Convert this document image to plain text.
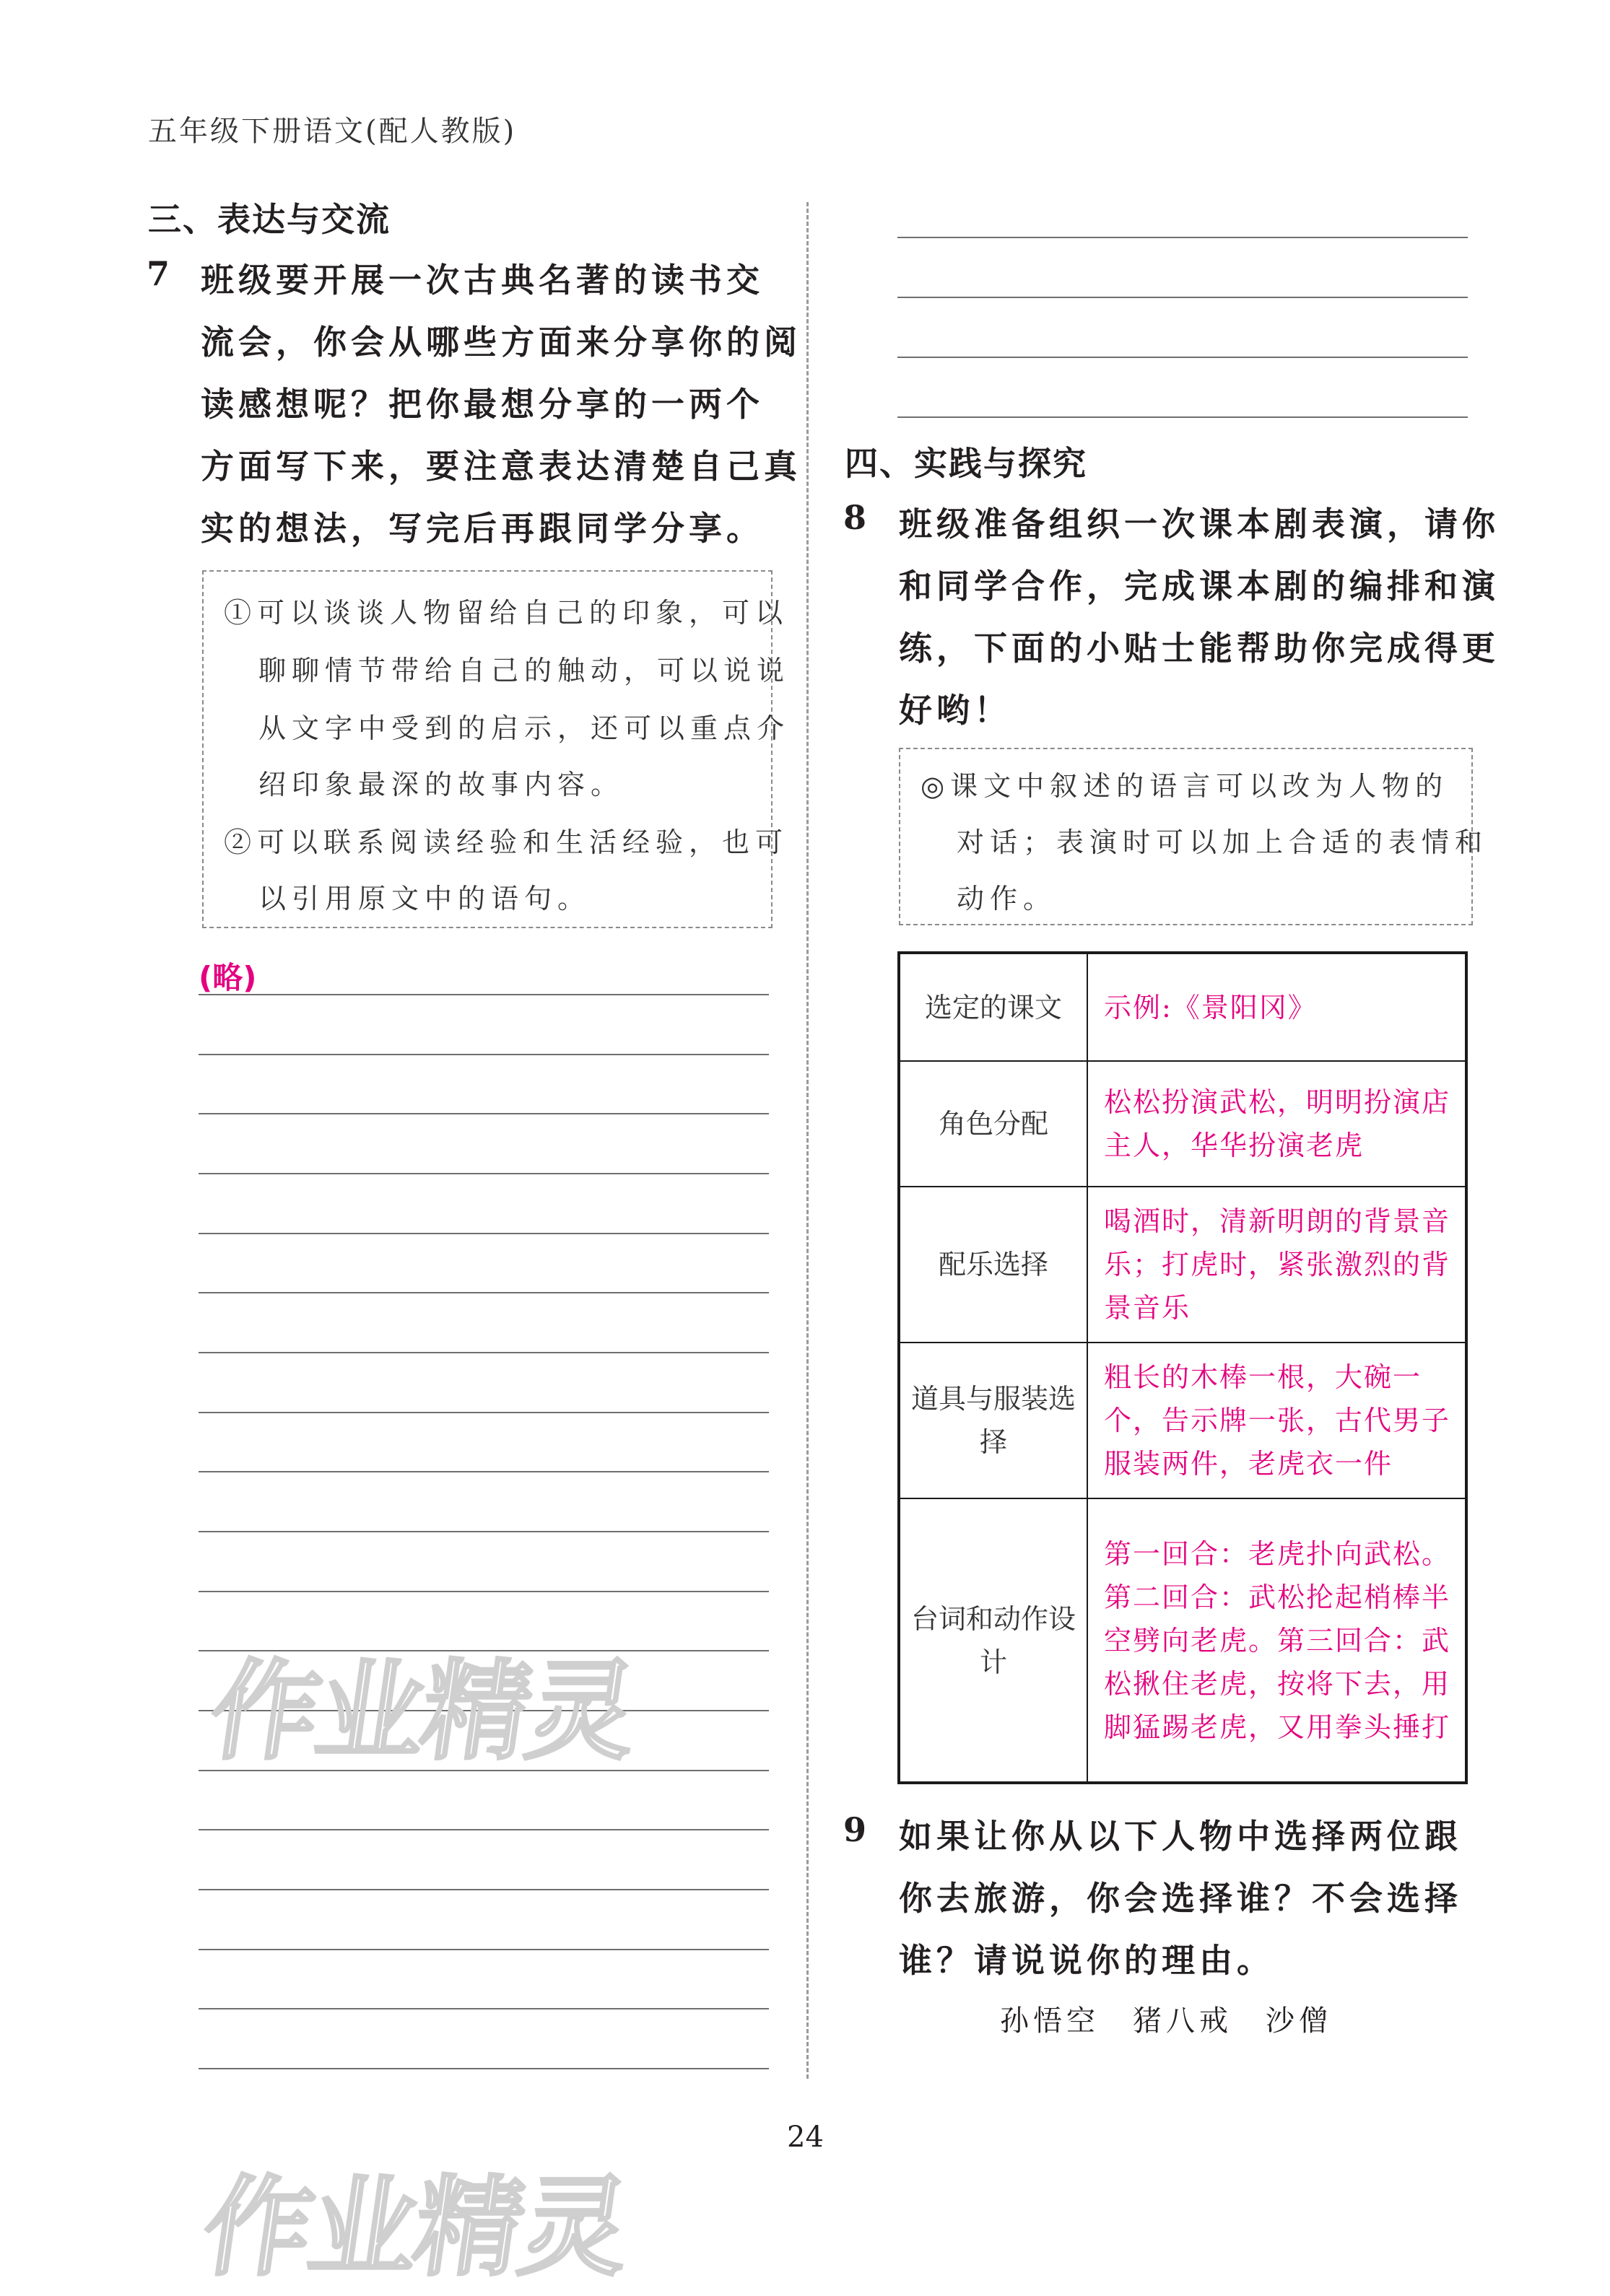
五年级下册语文(配人教版)
三、表达与交流
7 班级要开展一次古典名著的读书交
流会，你会从哪些方面来分享你的阅
读感想呢？把你最想分享的一两个
方面写下来，要注意表达清楚自己真
实的想法，写完后再跟同学分享。
①可以谈谈人物留给自己的印象，可以
聊聊情节带给自己的触动，可以说说
从文字中受到的启示，还可以重点介
绍印象最深的故事内容。
②可以联系阅读经验和生活经验，也可
以引用原文中的语句。
(略)
作业精灵
四、实践与探究
8 班级准备组织一次课本剧表演，请你
和同学合作，完成课本剧的编排和演
练，下面的小贴士能帮助你完成得更
好哟！
◎课文中叙述的语言可以改为人物的
对话；表演时可以加上合适的表情和
动作。
选定的课文	示例:《景阳冈》
角色分配	松松扮演武松，明明扮演店主人，华华扮演老虎
配乐选择	喝酒时，清新明朗的背景音乐；打虎时，紧张激烈的背景音乐
道具与服装选择	粗长的木棒一根，大碗一个，告示牌一张，古代男子服装两件，老虎衣一件
台词和动作设计	第一回合：老虎扑向武松。第二回合：武松抡起梢棒半空劈向老虎。第三回合：武松揪住老虎，按将下去，用脚猛踢老虎，又用拳头捶打
9 如果让你从以下人物中选择两位跟
你去旅游，你会选择谁？不会选择
谁？请说说你的理由。
孙悟空　猪八戒　沙僧
24
作业精灵
